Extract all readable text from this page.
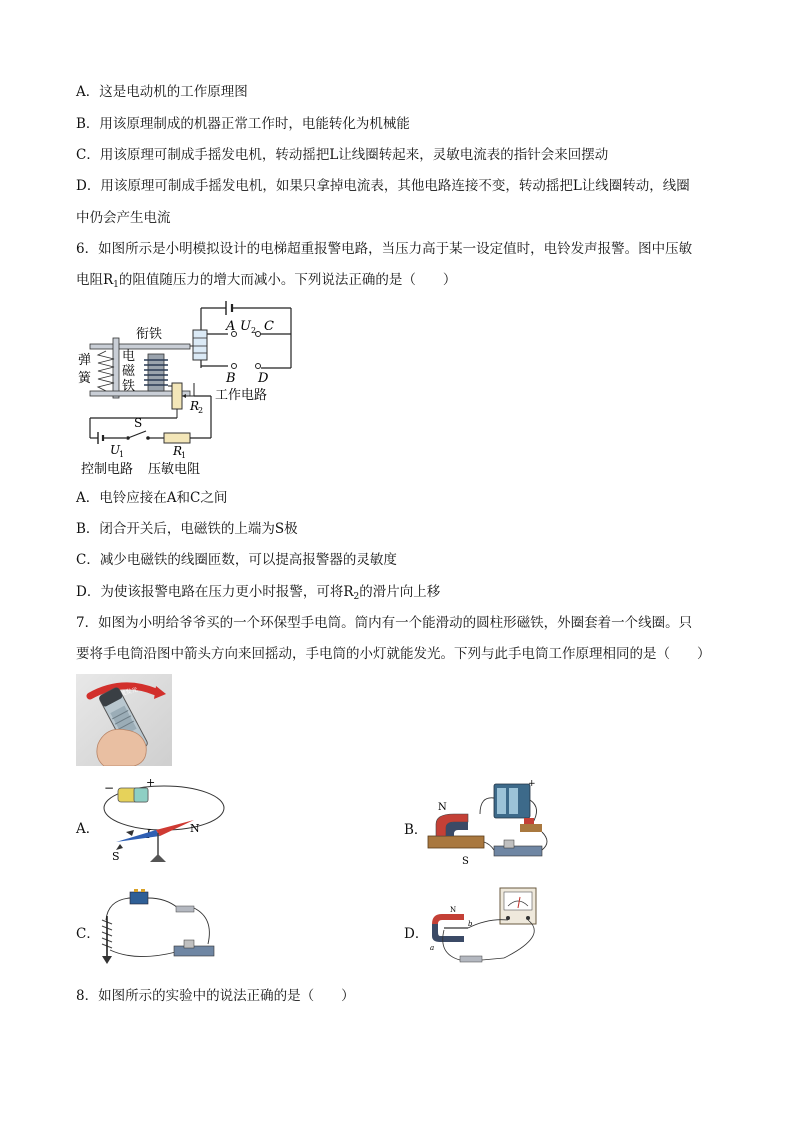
A．这是电动机的工作原理图
B．用该原理制成的机器正常工作时，电能转化为机械能
C．用该原理可制成手摇发电机，转动摇把L让线圈转起来，灵敏电流表的指针会来回摆动
D．用该原理可制成手摇发电机，如果只拿掉电流表，其他电路连接不变，转动摇把L让线圈转动，线圈
中仍会产生电流
6．如图所示是小明模拟设计的电梯超重报警电路，当压力高于某一设定值时，电铃发声报警。图中压敏
电阻$R_1$的阻值随压力的增大而减小。下列说法正确的是（　　）
衔铁
弹
簧
电
磁
铁
A U 2 C
B D
R
2
工作电路
S
U
1	R
1
控制电路 压敏电阻
A．电铃应接在A和C之间
B．闭合开关后，电磁铁的上端为S极
C．减少电磁铁的线圈匝数，可以提高报警器的灵敏度
D．为使该报警电路在压力更小时报警，可将$R_2$的滑片向上移
7．如图为小明给爷爷买的一个环保型手电筒。筒内有一个能滑动的圆柱形磁铁，外圈套着一个线圈。只
要将手电筒沿图中箭头方向来回摇动，手电筒的小灯就能发光。下列与此手电筒工作原理相同的是（　　）
A．
−	+
N
S
B．
N
S
+
C．	D．
N
b
a
8．如图所示的实验中的说法正确的是（　　）
